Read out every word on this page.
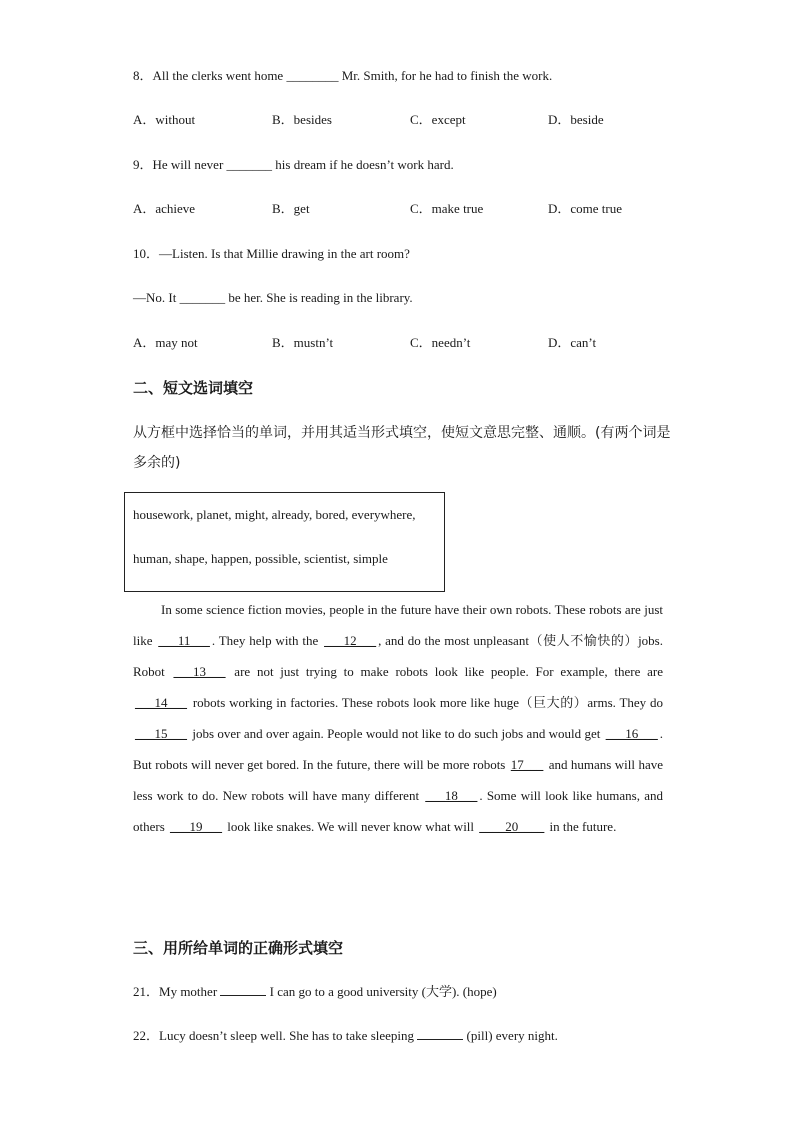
8．All the clerks went home ________ Mr. Smith, for he had to finish the work.
A．without	B．besides	C．except	D．beside
9．He will never _______ his dream if he doesn’t work hard.
A．achieve	B．get	C．make true	D．come true
10．—Listen. Is that Millie drawing in the art room?
—No. It _______ be her. She is reading in the library.
A．may not	B．mustn’t	C．needn’t	D．can’t
二、短文选词填空
从方框中选择恰当的单词，并用其适当形式填空，使短文意思完整、通顺。(有两个词是多余的)
housework, planet, might, already, bored, everywhere,
human, shape, happen, possible, scientist, simple

In some science fiction movies, people in the future have their own robots. These robots are just like ___11___ . They help with the ___12___ , and do the most unpleasant（使人不愉快的）jobs. Robot ___13___ are not just trying to make robots look like people. For example, there are ___14___ robots working in factories. These robots look more like huge（巨大的）arms. They do ___15___ jobs over and over again. People would not like to do such jobs and would get ___16___ . But robots will never get bored. In the future, there will be more robots 17___ and humans will have less work to do. New robots will have many different ___18___ . Some will look like humans, and others ___19___ look like snakes. We will never know what will ____20____ in the future.

三、用所给单词的正确形式填空
21．My mother	I can go to a good university (大学). (hope)
22．Lucy doesn’t sleep well. She has to take sleeping	(pill) every night.
